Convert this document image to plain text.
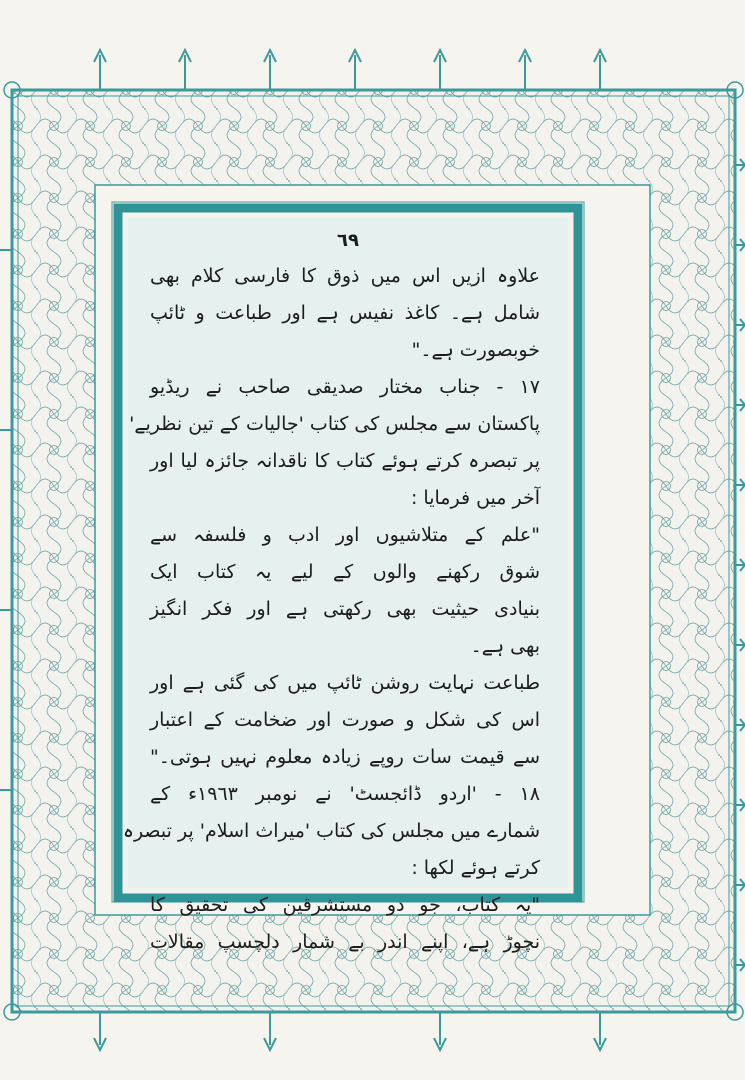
٦٩
علاوہ ازیں اس میں ذوق کا فارسی کلام بھی
شامل ہے۔ کاغذ نفیس ہے اور طباعت و ٹائپ
خوبصورت ہے۔"
١٧ - جناب مختار صدیقی صاحب نے ریڈیو
پاکستان سے مجلس کی کتاب 'جالیات کے تین نظریے'
پر تبصرہ کرتے ہوئے کتاب کا ناقدانہ جائزہ لیا اور
آخر میں فرمایا :
"علم کے متلاشیوں اور ادب و فلسفہ سے
شوق رکھنے والوں کے لیے یہ کتاب ایک
بنیادی حیثیت بھی رکھتی ہے اور فکر انگیز
بھی ہے۔
طباعت نہایت روشن ٹائپ میں کی گئی ہے اور
اس کی شکل و صورت اور ضخامت کے اعتبار
سے قیمت سات روپے زیادہ معلوم نہیں ہوتی۔"
١٨ - 'اردو ڈائجسٹ' نے نومبر ١٩٦٣ء کے
شمارے میں مجلس کی کتاب 'میراث اسلام' پر تبصرہ
کرتے ہوئے لکھا :
"یہ کتاب، جو دو مستشرقین کی تحقیق کا
نچوڑ ہے، اپنے اندر بے شمار دلچسپ مقالات
